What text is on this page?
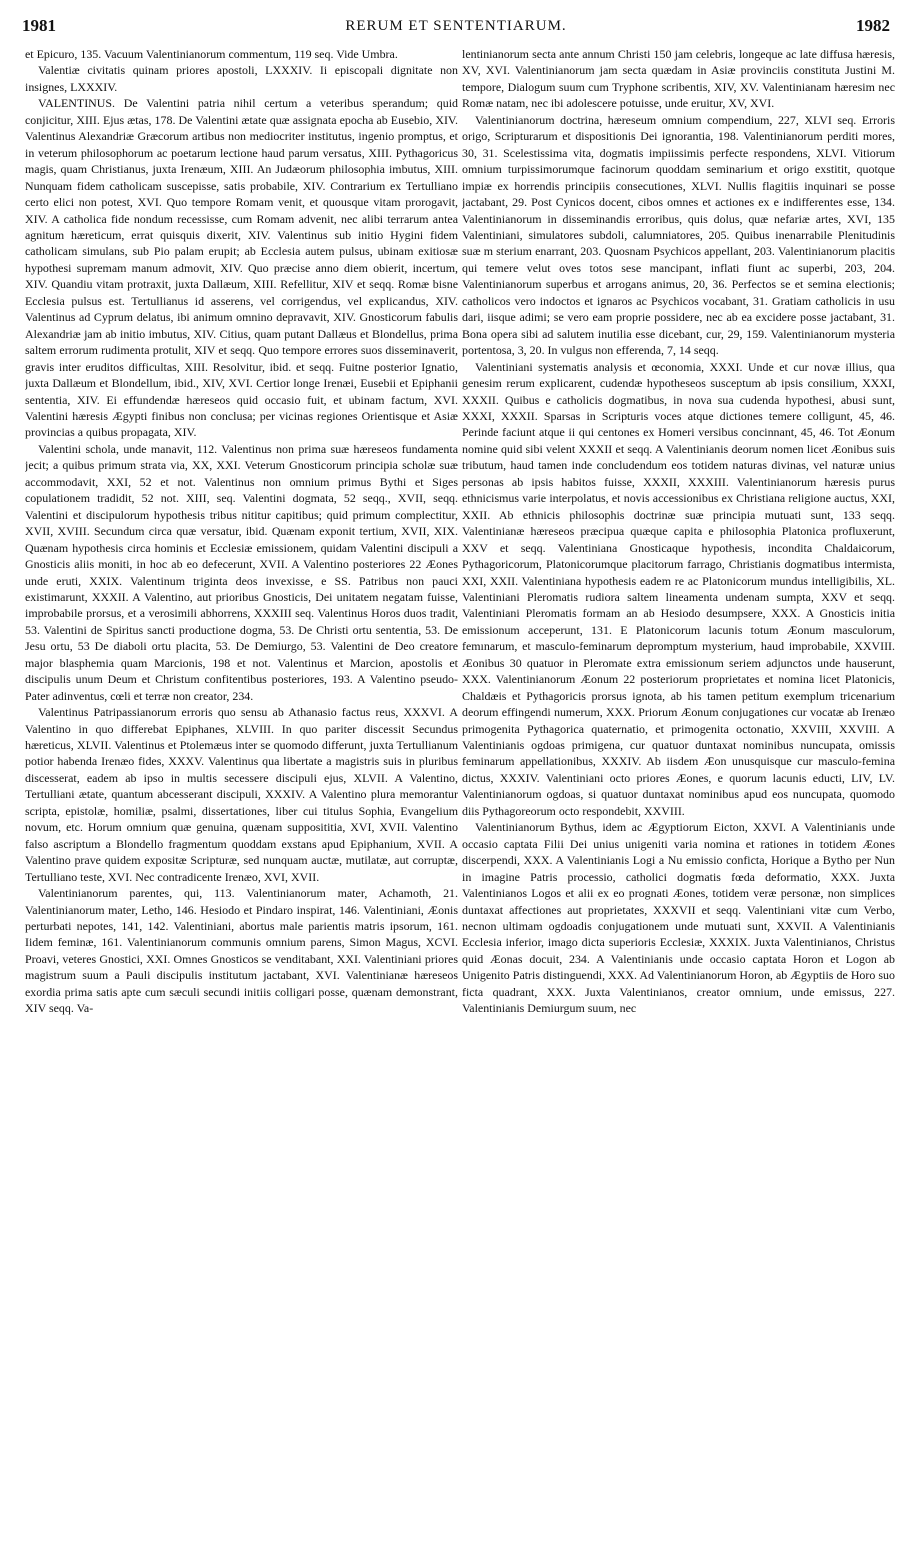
1981	RERUM ET SENTENTIARUM.	1982

et Epicuro, 135. Vacuum Valentinianorum commentum, 119 seq. Vide Umbra.

Valentiæ civitatis quinam priores apostoli, LXXXIV. Ii episcopali dignitate non insignes, LXXXIV.

VALENTINUS. De Valentini patria nihil certum a veteribus sperandum; quid conjicitur, XIII. Ejus ætas, 178. De Valentini ætate quæ assignata epocha ab Eusebio, XIV. Valentinus Alexandriæ Græcorum artibus non mediocriter institutus, ingenio promptus, et in veterum philosophorum ac poetarum lectione haud parum versatus, XIII. Pythagoricus magis, quam Christianus, juxta Irenæum, XIII. An Judæorum philosophia imbutus, XIII. Nunquam fidem catholicam suscepisse, satis probabile, XIV. Contrarium ex Tertulliano certo elici non potest, XVI. Quo tempore Romam venit, et quousque vitam prorogavit, XIV. A catholica fide nondum recessisse, cum Romam advenit, nec alibi terrarum antea agnitum hæreticum, errat quisquis dixerit, XIV. Valentinus sub initio Hygini fidem catholicam simulans, sub Pio palam erupit; ab Ecclesia autem pulsus, ubinam exitiosæ hypothesi supremam manum admovit, XIV. Quo præcise anno diem obierit, incertum, XIV. Quandiu vitam protraxit, juxta Dallæum, XIII. Refellitur, XIV et seqq. Romæ bisne Ecclesia pulsus est. Tertullianus id asserens, vel corrigendus, vel explicandus, XIV. Valentinus ad Cyprum delatus, ibi animum omnino depravavit, XIV. Gnosticorum fabulis Alexandriæ jam ab initio imbutus, XIV. Citius, quam putant Dallæus et Blondellus, prima saltem errorum rudimenta protulit, XIV et seqq. Quo tempore errores suos disseminaverit, gravis inter eruditos difficultas, XIII. Resolvitur, ibid. et seqq. Fuitne posterior Ignatio, juxta Dallæum et Blondellum, ibid., XIV, XVI. Certior longe Irenæi, Eusebii et Epiphanii sententia, XIV. Ei effundendæ hæreseos quid occasio fuit, et ubinam factum, XVI. Valentini hæresis Ægypti finibus non conclusa; per vicinas regiones Orientisque et Asiæ provincias a quibus propagata, XIV.

Valentini schola, unde manavit, 112. Valentinus non prima suæ hæreseos fundamenta jecit; a quibus primum strata via, XX, XXI. Veterum Gnosticorum principia scholæ suæ accommodavit, XXI, 52 et not. Valentinus non omnium primus Bythi et Siges copulationem tradidit, 52 not. XIII, seq. Valentini dogmata, 52 seqq., XVII, seqq. Valentini et discipulorum hypothesis tribus nititur capitibus; quid primum complectitur, XVII, XVIII. Secundum circa quæ versatur, ibid. Quænam exponit tertium, XVII, XIX. Quænam hypothesis circa hominis et Ecclesiæ emissionem, quidam Valentini discipuli a Gnosticis aliis moniti, in hoc ab eo defecerunt, XVII. A Valentino posteriores 22 Æones unde eruti, XXIX. Valentinum triginta deos invexisse, e SS. Patribus non pauci existimarunt, XXXII. A Valentino, aut prioribus Gnosticis, Dei unitatem negatam fuisse, improbabile prorsus, et a verosimili abhorrens, XXXIII seq. Valentinus Horos duos tradit, 53. Valentini de Spiritus sancti productione dogma, 53. De Christi ortu sententia, 53. De Jesu ortu, 53 De diaboli ortu placita, 53. De Demiurgo, 53. Valentini de Deo creatore major blasphemia quam Marcionis, 198 et not. Valentinus et Marcion, apostolis et discipulis unum Deum et Christum confitentibus posteriores, 193. A Valentino pseudo-Pater adinventus, cœli et terræ non creator, 234.

Valentinus Patripassianorum erroris quo sensu ab Athanasio factus reus, XXXVI. A Valentino in quo differebat Epiphanes, XLVIII. In quo pariter discessit Secundus hæreticus, XLVII. Valentinus et Ptolemæus inter se quomodo differunt, juxta Tertullianum potior habenda Irenæo fides, XXXV. Valentinus qua libertate a magistris suis in pluribus discesserat, eadem ab ipso in multis secessere discipuli ejus, XLVII. A Valentino, Tertulliani ætate, quantum abcesserant discipuli, XXXIV. A Valentino plura memorantur scripta, epistolæ, homiliæ, psalmi, dissertationes, liber cui titulus Sophia, Evangelium novum, etc. Horum omnium quæ genuina, quænam supposititia, XVI, XVII. Valentino falso ascriptum a Blondello fragmentum quoddam exstans apud Epiphanium, XVII. A Valentino prave quidem expositæ Scripturæ, sed nunquam auctæ, mutilatæ, aut corruptæ, Tertulliano teste, XVI. Nec contradicente Irenæo, XVI, XVII.

Valentinianorum parentes, qui, 113. Valentinianorum mater, Achamoth, 21. Valentinianorum mater, Letho, 146. Hesiodo et Pindaro inspirat, 146. Valentiniani, Æonis perturbati nepotes, 141, 142. Valentiniani, abortus male parientis matris ipsorum, 161. Iidem feminæ, 161. Valentinianorum communis omnium parens, Simon Magus, XCVI. Proavi, veteres Gnostici, XXI. Omnes Gnosticos se venditabant, XXI. Valentiniani priores magistrum suum a Pauli discipulis institutum jactabant, XVI. Valentinianæ hæreseos exordia prima satis apte cum sæculi secundi initiis colligari posse, quænam demonstrant, XIV seqq. Va-

lentinianorum secta ante annum Christi 150 jam celebris, longeque ac late diffusa hæresis, XV, XVI. Valentinianorum jam secta quædam in Asiæ provinciis constituta Justini M. tempore, Dialogum suum cum Tryphone scribentis, XIV, XV. Valentinianam hæresim nec Romæ natam, nec ibi adolescere potuisse, unde eruitur, XV, XVI.

Valentinianorum doctrina, hæreseum omnium compendium, 227, XLVI seq. Erroris origo, Scripturarum et dispositionis Dei ignorantia, 198. Valentinianorum perditi mores, 30, 31. Scelestissima vita, dogmatis impiissimis perfecte respondens, XLVI. Vitiorum omnium turpissimorumque facinorum quoddam seminarium et origo exstitit, quotque impiæ ex horrendis principiis consecutiones, XLVI. Nullis flagitiis inquinari se posse jactabant, 29. Post Cynicos docent, cibos omnes et actiones ex e indifferentes esse, 134. Valentinianorum in disseminandis erroribus, quis dolus, quæ nefariæ artes, XVI, 135 Valentiniani, simulatores subdoli, calumniatores, 205. Quibus inenarrabile Plenitudinis suæ m sterium enarrant, 203. Quosnam Psychicos appellant, 203. Valentinianorum placitis qui temere velut oves totos sese mancipant, inflati fiunt ac superbi, 203, 204. Valentinianorum superbus et arrogans animus, 20, 36. Perfectos se et semina electionis; catholicos vero indoctos et ignaros ac Psychicos vocabant, 31. Gratiam catholicis in usu dari, iisque adimi; se vero eam proprie possidere, nec ab ea excidere posse jactabant, 31. Bona opera sibi ad salutem inutilia esse dicebant, cur, 29, 159. Valentinianorum mysteria portentosa, 3, 20. In vulgus non efferenda, 7, 14 seqq.

Valentiniani systematis analysis et œconomia, XXXI. Unde et cur novæ illius, qua genesim rerum explicarent, cudendæ hypotheseos susceptum ab ipsis consilium, XXXI, XXXII. Quibus e catholicis dogmatibus, in nova sua cudenda hypothesi, abusi sunt, XXXI, XXXII. Sparsas in Scripturis voces atque dictiones temere colligunt, 45, 46. Perinde faciunt atque ii qui centones ex Homeri versibus concinnant, 45, 46. Tot Æonum nomine quid sibi velent XXXII et seqq. A Valentinianis deorum nomen licet Æonibus suis tributum, haud tamen inde concludendum eos totidem naturas divinas, vel naturæ unius personas ab ipsis habitos fuisse, XXXII, XXXIII. Valentinianorum hæresis purus ethnicismus varie interpolatus, et novis accessionibus ex Christiana religione auctus, XXI, XXII. Ab ethnicis philosophis doctrinæ suæ principia mutuati sunt, 133 seqq. Valentinianæ hæreseos præcipua quæque capita e philosophia Platonica profluxerunt, XXV et seqq. Valentiniana Gnosticaque hypothesis, incondita Chaldaicorum, Pythagoricorum, Platonicorumque placitorum farrago, Christianis dogmatibus intermista, XXI, XXII. Valentiniana hypothesis eadem re ac Platonicorum mundus intelligibilis, XL. Valentiniani Pleromatis rudiora saltem lineamenta undenam sumpta, XXV et seqq. Valentiniani Pleromatis formam an ab Hesiodo desumpsere, XXX. A Gnosticis initia emissionum acceperunt, 131. E Platonicorum lacunis totum Æonum masculorum, femınarum, et masculo-feminarum depromptum mysterium, haud improbabile, XXVIII. Æonibus 30 quatuor in Pleromate extra emissionum seriem adjunctos unde hauserunt, XXX. Valentinianorum Æonum 22 posteriorum proprietates et nomina licet Platonicis, Chaldæis et Pythagoricis prorsus ignota, ab his tamen petitum exemplum tricenarium deorum effingendi numerum, XXX. Priorum Æonum conjugationes cur vocatæ ab Irenæo primogenita Pythagorica quaternatio, et primogenita octonatio, XXVIII, XXVIII. A Valentinianis ogdoas primigena, cur quatuor duntaxat nominibus nuncupata, omissis feminarum appellationibus, XXXIV. Ab iisdem Æon unusquisque cur masculo-femina dictus, XXXIV. Valentiniani octo priores Æones, e quorum lacunis educti, LIV, LV. Valentinianorum ogdoas, si quatuor duntaxat nominibus apud eos nuncupata, quomodo diis Pythagoreorum octo respondebit, XXVIII.

Valentinianorum Bythus, idem ac Ægyptiorum Eicton, XXVI. A Valentinianis unde occasio captata Filii Dei unius unigeniti varia nomina et rationes in totidem Æones discerpendi, XXX. A Valentinianis Logi a Nu emissio conficta, Horique a Bytho per Nun in imagine Patris processio, catholici dogmatis fœda deformatio, XXX. Juxta Valentinianos Logos et alii ex eo prognati Æones, totidem veræ personæ, non simplices duntaxat affectiones aut proprietates, XXXVII et seqq. Valentiniani vitæ cum Verbo, necnon ultimam ogdoadis conjugationem unde mutuati sunt, XXVII. A Valentinianis Ecclesia inferior, imago dicta superioris Ecclesiæ, XXXIX. Juxta Valentinianos, Christus quid Æonas docuit, 234. A Valentinianis unde occasio captata Horon et Logon ab Unigenito Patris distinguendi, XXX. Ad Valentinianorum Horon, ab Ægyptiis de Horo suo ficta quadrant, XXX. Juxta Valentinianos, creator omnium, unde emissus, 227. Valentinianis Demiurgum suum, nec
